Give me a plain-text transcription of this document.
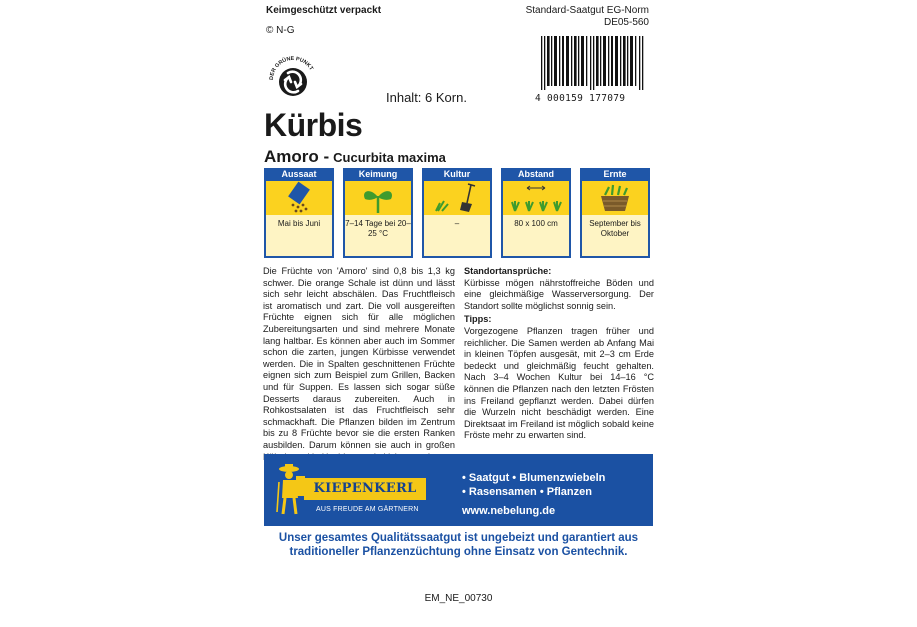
Keimgeschützt verpackt	Standard-Saatgut EG-Norm
DE05-560
© N-G
DER GRÜNE PUNKT
Inhalt: 6 Korn.	4 000159 177079
Kürbis
Amoro - Cucurbita maxima
Aussaat
Mai bis Juni
Keimung
7–14 Tage bei 20–25 °C
Kultur
–
Abstand
80 x 100 cm
Ernte
September bis Oktober
Die Früchte von 'Amoro' sind 0,8 bis 1,3 kg schwer. Die orange Schale ist dünn und lässt sich sehr leicht abschälen. Das Fruchtfleisch ist aromatisch und zart. Die voll ausgereiften Früchte eignen sich für alle möglichen Zubereitungsarten und sind mehrere Monate lang haltbar. Es können aber auch im Sommer schon die zarten, jungen Kürbisse verwendet werden. Die in Spalten geschnittenen Früchte eignen sich zum Beispiel zum Grillen, Backen und für Suppen. Es lassen sich sogar süße Desserts daraus zubereiten. Auch in Rohkostsalaten ist das Fruchtfleisch sehr schmackhaft. Die Pflanzen bilden im Zentrum bis zu 8 Früchte bevor sie die ersten Ranken ausbilden. Darum können sie auch in großen
Standortansprüche:
Kürbisse mögen nährstoffreiche Böden und eine gleichmäßige Wasserversorgung. Der Standort sollte möglichst sonnig sein.
Tipps:
Vorgezogene Pflanzen tragen früher und reichlicher. Die Samen werden ab Anfang Mai in kleinen Töpfen ausgesät, mit 2–3 cm Erde bedeckt und gleichmäßig feucht gehalten. Nach 3–4 Wochen Kultur bei 14–16 °C können die Pflanzen nach den letzten Frösten ins Freiland gepflanzt werden. Dabei dürfen die Wurzeln nicht beschädigt werden. Eine Direktsaat im Freiland ist möglich sobald keine Fröste mehr zu erwarten sind.
KIEPENKERL
AUS FREUDE AM GÄRTNERN
• Saatgut • Blumenzwiebeln
• Rasensamen • Pflanzen
www.nebelung.de
Unser gesamtes Qualitätssaatgut ist ungebeizt und garantiert aus
traditioneller Pflanzenzüchtung ohne Einsatz von Gentechnik.
EM_NE_00730
